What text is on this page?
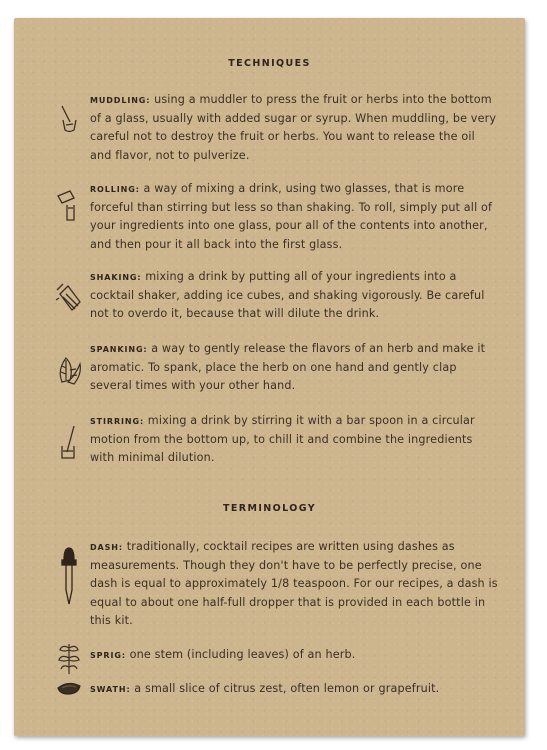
TECHNIQUES
MUDDLING: using a muddler to press the fruit or herbs into the bottom of a glass, usually with added sugar or syrup. When muddling, be very careful not to destroy the fruit or herbs. You want to release the oil and flavor, not to pulverize.
ROLLING: a way of mixing a drink, using two glasses, that is more forceful than stirring but less so than shaking. To roll, simply put all of your ingredients into one glass, pour all of the contents into another, and then pour it all back into the first glass.
SHAKING: mixing a drink by putting all of your ingredients into a cocktail shaker, adding ice cubes, and shaking vigorously. Be careful not to overdo it, because that will dilute the drink.
SPANKING: a way to gently release the flavors of an herb and make it aromatic. To spank, place the herb on one hand and gently clap several times with your other hand.
STIRRING: mixing a drink by stirring it with a bar spoon in a circular motion from the bottom up, to chill it and combine the ingredients with minimal dilution.
TERMINOLOGY
DASH: traditionally, cocktail recipes are written using dashes as measurements. Though they don't have to be perfectly precise, one dash is equal to approximately 1/8 teaspoon. For our recipes, a dash is equal to about one half-full dropper that is provided in each bottle in this kit.
SPRIG: one stem (including leaves) of an herb.
SWATH: a small slice of citrus zest, often lemon or grapefruit.
